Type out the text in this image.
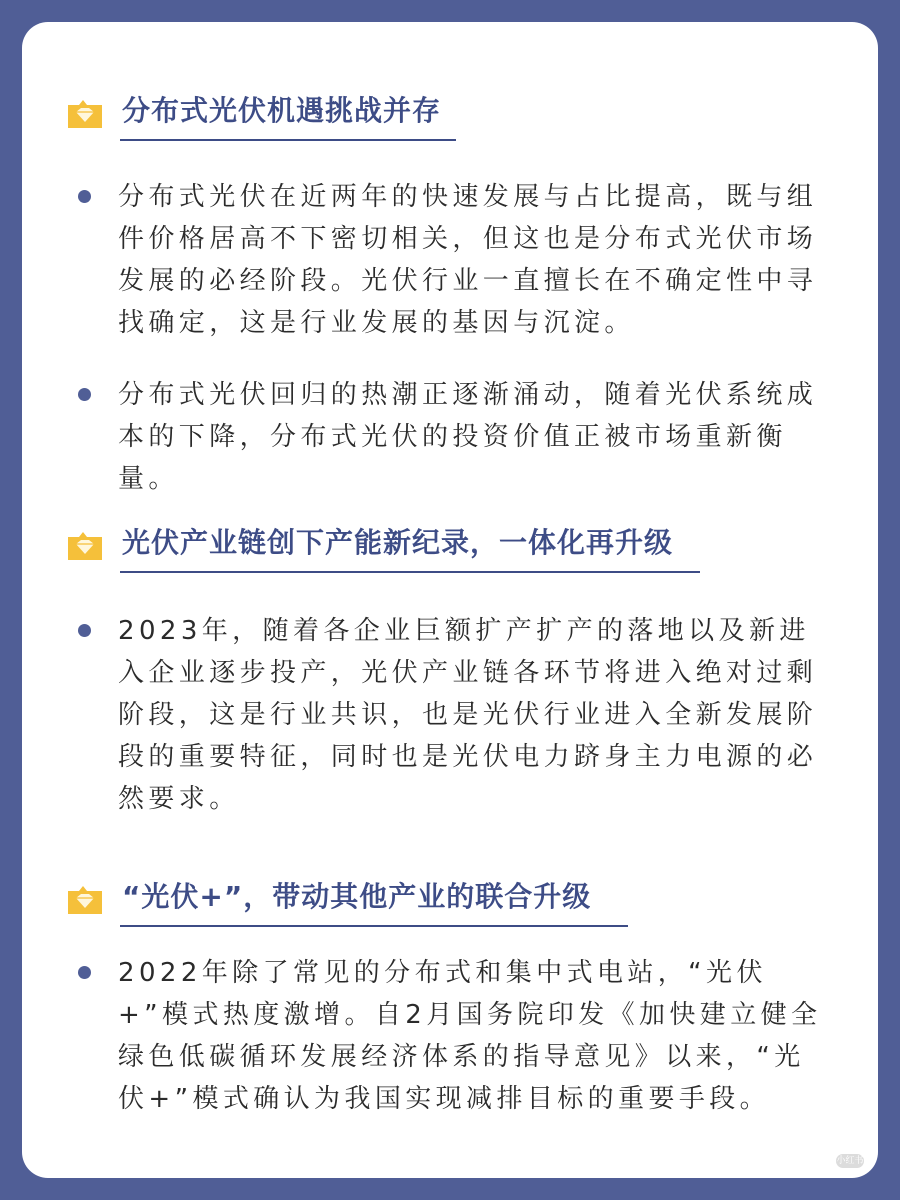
分布式光伏机遇挑战并存

分布式光伏在近两年的快速发展与占比提高，既与组件价格居高不下密切相关，但这也是分布式光伏市场发展的必经阶段。光伏行业一直擅长在不确定性中寻找确定，这是行业发展的基因与沉淀。

分布式光伏回归的热潮正逐渐涌动，随着光伏系统成本的下降，分布式光伏的投资价值正被市场重新衡量。

光伏产业链创下产能新纪录，一体化再升级

2023年，随着各企业巨额扩产扩产的落地以及新进入企业逐步投产，光伏产业链各环节将进入绝对过剩阶段，这是行业共识，也是光伏行业进入全新发展阶段的重要特征，同时也是光伏电力跻身主力电源的必然要求。

“光伏+”，带动其他产业的联合升级

2022年除了常见的分布式和集中式电站，“光伏+”模式热度激增。自2月国务院印发《加快建立健全绿色低碳循环发展经济体系的指导意见》以来，“光伏+”模式确认为我国实现减排目标的重要手段。

小红书
